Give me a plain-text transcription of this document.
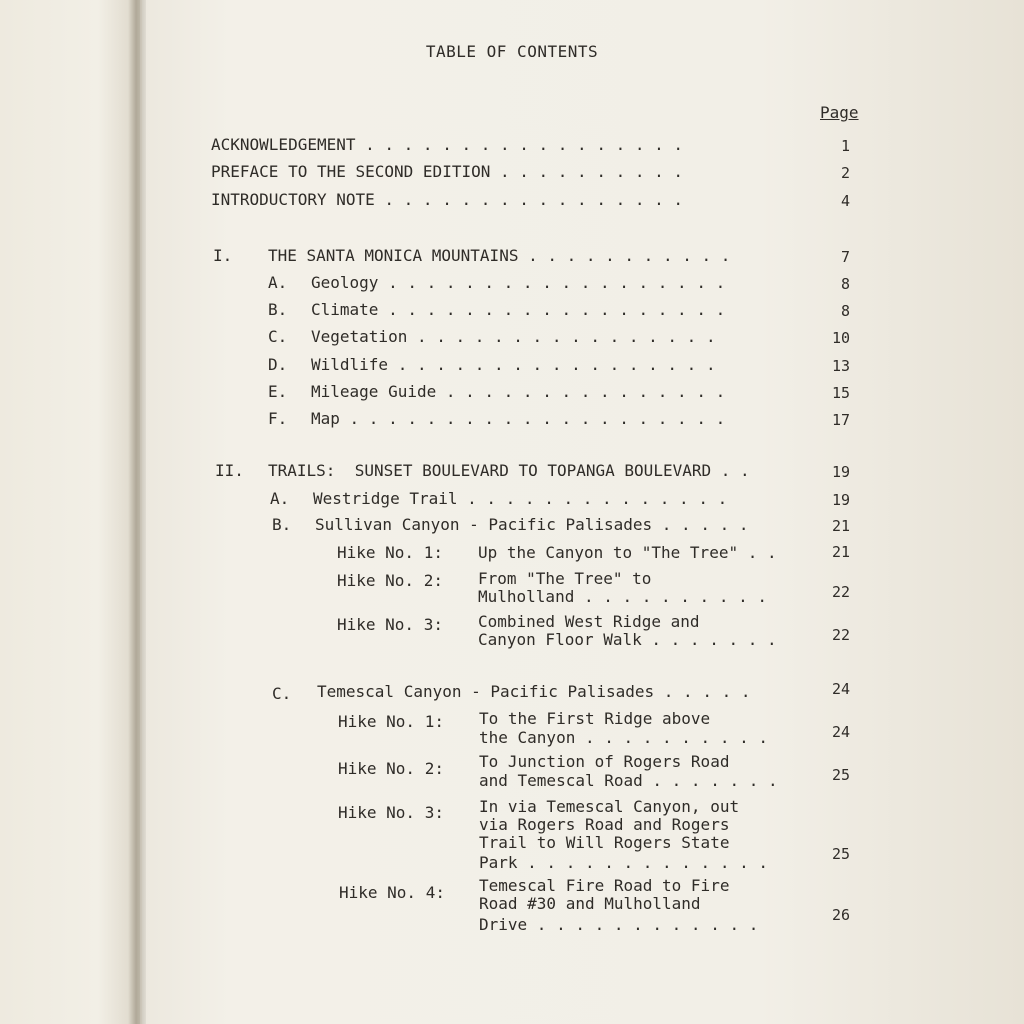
TABLE OF CONTENTS
Page
ACKNOWLEDGEMENT . . . . . . . . . . . . . . . . .	1
PREFACE TO THE SECOND EDITION . . . . . . . . . .	2
INTRODUCTORY NOTE . . . . . . . . . . . . . . . .	4
I. THE SANTA MONICA MOUNTAINS . . . . . . . . . . .	7
A. Geology . . . . . . . . . . . . . . . . . .	8
B. Climate . . . . . . . . . . . . . . . . . .	8
C. Vegetation . . . . . . . . . . . . . . . .	10
D. Wildlife . . . . . . . . . . . . . . . . .	13
E. Mileage Guide . . . . . . . . . . . . . . .	15
F. Map . . . . . . . . . . . . . . . . . . . .	17
II. TRAILS:  SUNSET BOULEVARD TO TOPANGA BOULEVARD . .	19
A. Westridge Trail . . . . . . . . . . . . . .	19
B. Sullivan Canyon - Pacific Palisades . . . . .	21
Hike No. 1: Up the Canyon to "The Tree" . .	21
Hike No. 2: From "The Tree" to
Mulholland . . . . . . . . . .	22
Hike No. 3: Combined West Ridge and
Canyon Floor Walk . . . . . . .	22
C. Temescal Canyon - Pacific Palisades . . . . .	24
Hike No. 1: To the First Ridge above
the Canyon . . . . . . . . . .	24
Hike No. 2: To Junction of Rogers Road
and Temescal Road . . . . . . .	25
Hike No. 3: In via Temescal Canyon, out
via Rogers Road and Rogers
Trail to Will Rogers State
Park . . . . . . . . . . . . .	25
Hike No. 4: Temescal Fire Road to Fire
Road #30 and Mulholland
Drive . . . . . . . . . . . .	26
